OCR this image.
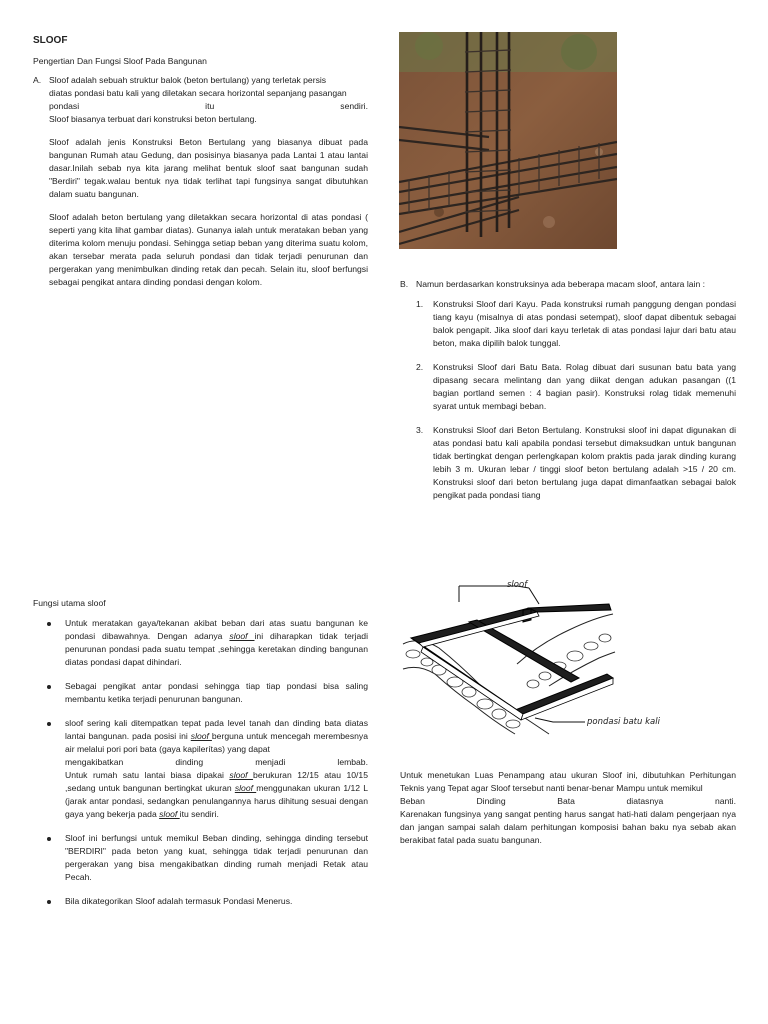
SLOOF
Pengertian Dan Fungsi Sloof Pada Bangunan
A. Sloof adalah sebuah struktur balok (beton bertulang) yang terletak persis
diatas pondasi batu kali yang diletakan secara horizontal sepanjang pasangan
pondasi	itu	sendiri.
Sloof biasanya terbuat dari konstruksi beton bertulang.

Sloof adalah jenis Konstruksi Beton Bertulang yang biasanya dibuat pada bangunan Rumah atau Gedung, dan posisinya biasanya pada Lantai 1 atau lantai dasar.Inilah sebab nya kita jarang melihat bentuk sloof saat bangunan sudah "Berdiri" tegak.walau bentuk nya tidak terlihat tapi fungsinya sangat dibutuhkan dalam suatu bangunan.

Sloof adalah beton bertulang yang diletakkan secara horizontal di atas pondasi ( seperti yang kita lihat gambar diatas). Gunanya ialah untuk meratakan beban yang diterima kolom menuju pondasi. Sehingga setiap beban yang diterima suatu kolom, akan tersebar merata pada seluruh pondasi dan tidak terjadi penurunan dan pergerakan yang menimbulkan dinding retak dan pecah. Selain itu, sloof berfungsi sebagai pengikat antara dinding pondasi dengan kolom.	B. Namun berdasarkan konstruksinya ada beberapa macam sloof, antara lain :
1. Konstruksi Sloof dari Kayu. Pada konstruksi rumah panggung dengan pondasi tiang kayu (misalnya di atas pondasi setempat), sloof dapat dibentuk sebagai balok pengapit. Jika sloof dari kayu terletak di atas pondasi lajur dari batu atau beton, maka dipilih balok tunggal.
2. Konstruksi Sloof dari Batu Bata. Rolag dibuat dari susunan batu bata yang dipasang secara melintang dan yang diikat dengan adukan pasangan ((1 bagian portland semen : 4 bagian pasir). Konstruksi rolag tidak memenuhi syarat untuk membagi beban.
3. Konstruksi Sloof dari Beton Bertulang. Konstruksi sloof ini dapat digunakan di atas pondasi batu kali apabila pondasi tersebut dimaksudkan untuk bangunan tidak bertingkat dengan perlengkapan kolom praktis pada jarak dinding kurang lebih 3 m. Ukuran lebar / tinggi sloof beton bertulang adalah >15 / 20 cm. Konstruksi sloof dari beton bertulang juga dapat dimanfaatkan sebagai balok pengikat pada pondasi tiang
Fungsi utama sloof
Untuk meratakan gaya/tekanan akibat beban dari atas suatu bangunan ke pondasi dibawahnya. Dengan adanya sloof ini diharapkan tidak terjadi penurunan pondasi pada suatu tempat ,sehingga keretakan dinding bangunan diatas pondasi dapat dihindari.
Sebagai pengikat antar pondasi sehingga tiap tiap pondasi bisa saling membantu ketika terjadi penurunan bangunan.
sloof sering kali ditempatkan tepat pada level tanah dan dinding bata diatas lantai bangunan. pada posisi ini sloof berguna untuk mencegah merembesnya air melalui pori pori bata (gaya kapilerítas) yang dapat
mengakibatkan	dinding	menjadi	lembab.
Untuk rumah satu lantai biasa dipakai sloof berukuran 12/15 atau 10/15 ,sedang untuk bangunan bertingkat ukuran sloof menggunakan ukuran 1/12 L (jarak antar pondasi, sedangkan penulangannya harus dihitung sesuai dengan gaya yang bekerja pada sloof itu sendiri.
Sloof ini berfungsi untuk memikul Beban dinding, sehingga dinding tersebut "BERDIRI" pada beton yang kuat, sehingga tidak terjadi penurunan dan pergerakan yang bisa mengakibatkan dinding rumah menjadi Retak atau Pecah.
Bila dikategorikan Sloof adalah termasuk Pondasi Menerus.
sloof
pondasi batu kali
Untuk menetukan Luas Penampang atau ukuran Sloof ini, dibutuhkan Perhitungan Teknis yang Tepat agar Sloof tersebut nanti benar-benar Mampu untuk memikul
Beban	Dinding	Bata	diatasnya	nanti.
Karenakan fungsinya yang sangat penting harus sangat hati-hati dalam pengerjaan nya dan jangan sampai salah dalam perhitungan komposisi bahan baku nya sebab akan berakibat fatal pada suatu bangunan.
